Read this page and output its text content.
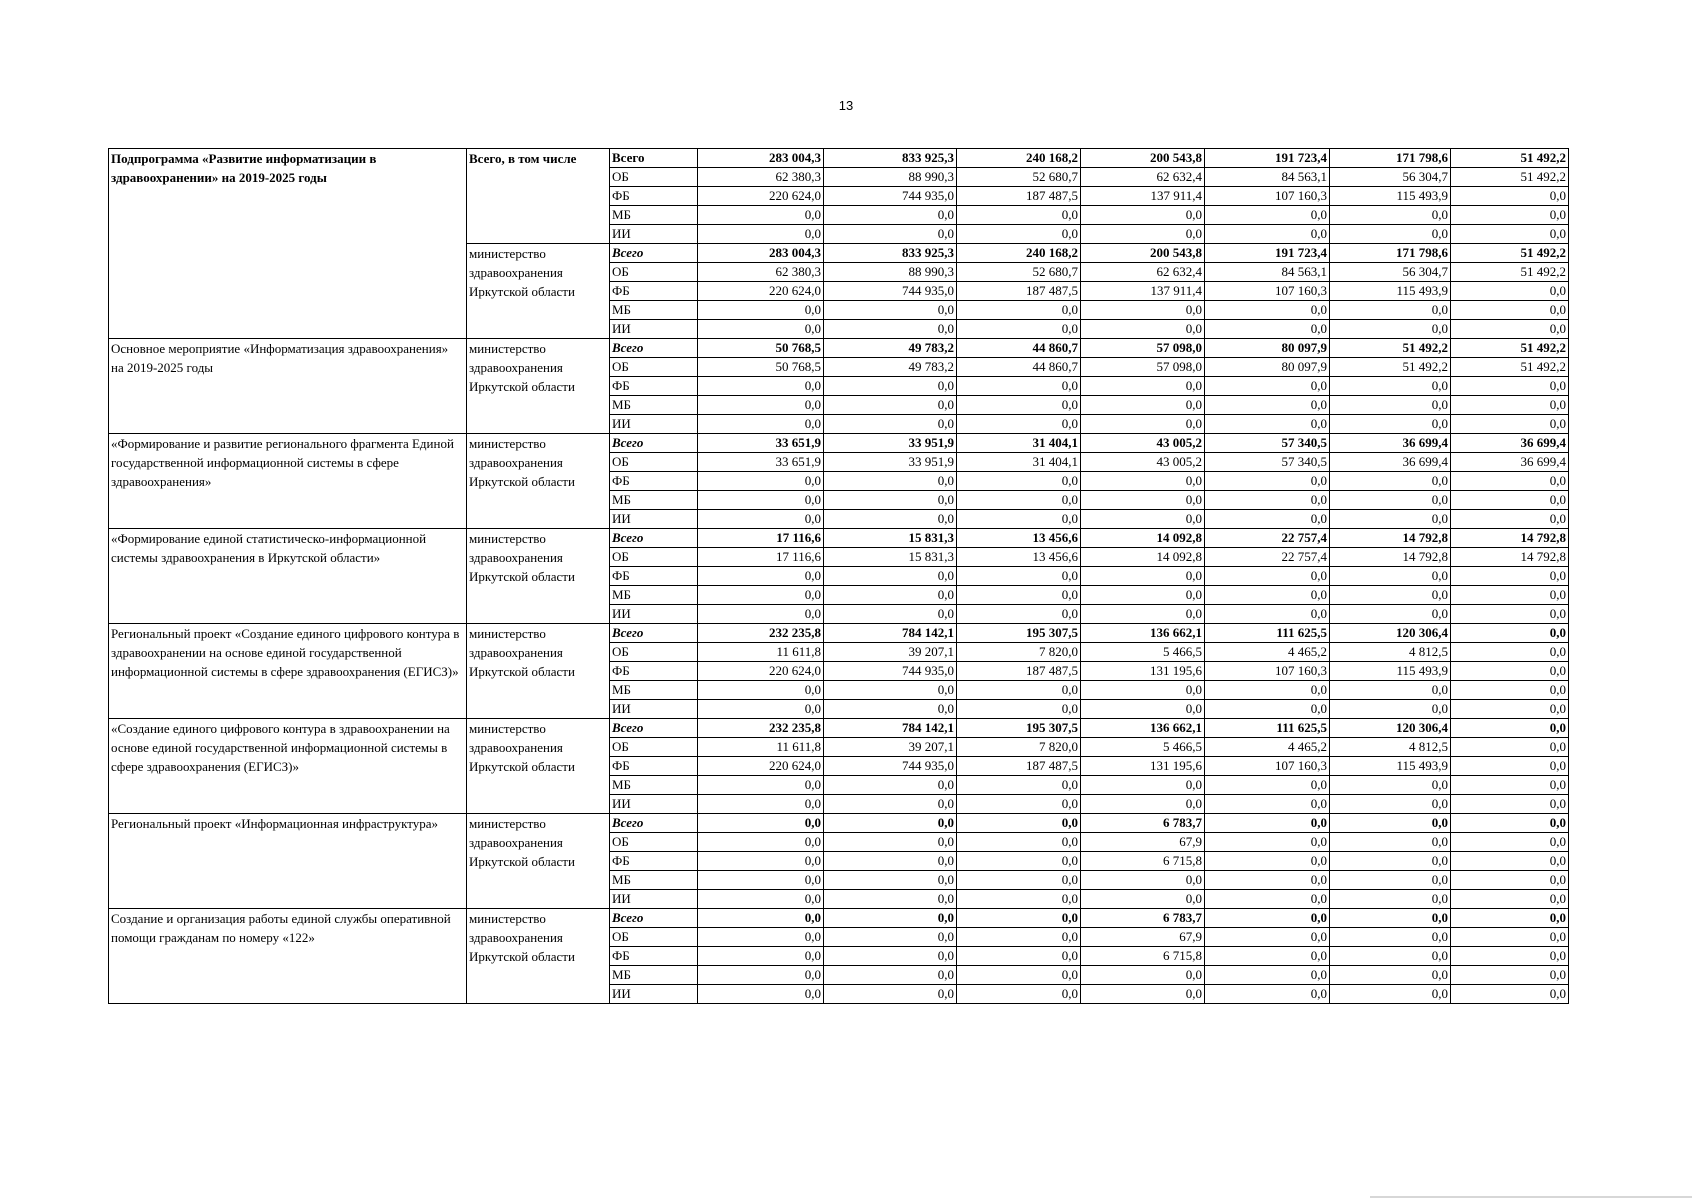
13
Подпрограмма «Развитие информатизации в здравоохранении» на 2019-2025 годы	Всего, в том числе	Всего	283 004,3	833 925,3	240 168,2	200 543,8	191 723,4	171 798,6	51 492,2
		ОБ	62 380,3	88 990,3	52 680,7	62 632,4	84 563,1	56 304,7	51 492,2
		ФБ	220 624,0	744 935,0	187 487,5	137 911,4	107 160,3	115 493,9	0,0
		МБ	0,0	0,0	0,0	0,0	0,0	0,0	0,0
		ИИ	0,0	0,0	0,0	0,0	0,0	0,0	0,0
	министерство здравоохранения Иркутской области	Всего	283 004,3	833 925,3	240 168,2	200 543,8	191 723,4	171 798,6	51 492,2
		ОБ	62 380,3	88 990,3	52 680,7	62 632,4	84 563,1	56 304,7	51 492,2
		ФБ	220 624,0	744 935,0	187 487,5	137 911,4	107 160,3	115 493,9	0,0
		МБ	0,0	0,0	0,0	0,0	0,0	0,0	0,0
		ИИ	0,0	0,0	0,0	0,0	0,0	0,0	0,0
Основное мероприятие «Информатизация здравоохранения» на 2019-2025 годы	министерство здравоохранения Иркутской области	Всего	50 768,5	49 783,2	44 860,7	57 098,0	80 097,9	51 492,2	51 492,2
		ОБ	50 768,5	49 783,2	44 860,7	57 098,0	80 097,9	51 492,2	51 492,2
		ФБ	0,0	0,0	0,0	0,0	0,0	0,0	0,0
		МБ	0,0	0,0	0,0	0,0	0,0	0,0	0,0
		ИИ	0,0	0,0	0,0	0,0	0,0	0,0	0,0
«Формирование и развитие регионального фрагмента Единой государственной информационной системы в сфере здравоохранения»	министерство здравоохранения Иркутской области	Всего	33 651,9	33 951,9	31 404,1	43 005,2	57 340,5	36 699,4	36 699,4
		ОБ	33 651,9	33 951,9	31 404,1	43 005,2	57 340,5	36 699,4	36 699,4
		ФБ	0,0	0,0	0,0	0,0	0,0	0,0	0,0
		МБ	0,0	0,0	0,0	0,0	0,0	0,0	0,0
		ИИ	0,0	0,0	0,0	0,0	0,0	0,0	0,0
«Формирование единой статистическо-информационной системы здравоохранения в Иркутской области»	министерство здравоохранения Иркутской области	Всего	17 116,6	15 831,3	13 456,6	14 092,8	22 757,4	14 792,8	14 792,8
		ОБ	17 116,6	15 831,3	13 456,6	14 092,8	22 757,4	14 792,8	14 792,8
		ФБ	0,0	0,0	0,0	0,0	0,0	0,0	0,0
		МБ	0,0	0,0	0,0	0,0	0,0	0,0	0,0
		ИИ	0,0	0,0	0,0	0,0	0,0	0,0	0,0
Региональный проект «Создание единого цифрового контура в здравоохранении на основе единой государственной информационной системы в сфере здравоохранения (ЕГИСЗ)»	министерство здравоохранения Иркутской области	Всего	232 235,8	784 142,1	195 307,5	136 662,1	111 625,5	120 306,4	0,0
		ОБ	11 611,8	39 207,1	7 820,0	5 466,5	4 465,2	4 812,5	0,0
		ФБ	220 624,0	744 935,0	187 487,5	131 195,6	107 160,3	115 493,9	0,0
		МБ	0,0	0,0	0,0	0,0	0,0	0,0	0,0
		ИИ	0,0	0,0	0,0	0,0	0,0	0,0	0,0
«Создание единого цифрового контура в здравоохранении на основе единой государственной информационной системы в сфере здравоохранения (ЕГИСЗ)»	министерство здравоохранения Иркутской области	Всего	232 235,8	784 142,1	195 307,5	136 662,1	111 625,5	120 306,4	0,0
		ОБ	11 611,8	39 207,1	7 820,0	5 466,5	4 465,2	4 812,5	0,0
		ФБ	220 624,0	744 935,0	187 487,5	131 195,6	107 160,3	115 493,9	0,0
		МБ	0,0	0,0	0,0	0,0	0,0	0,0	0,0
		ИИ	0,0	0,0	0,0	0,0	0,0	0,0	0,0
Региональный проект «Информационная инфраструктура»	министерство здравоохранения Иркутской области	Всего	0,0	0,0	0,0	6 783,7	0,0	0,0	0,0
		ОБ	0,0	0,0	0,0	67,9	0,0	0,0	0,0
		ФБ	0,0	0,0	0,0	6 715,8	0,0	0,0	0,0
		МБ	0,0	0,0	0,0	0,0	0,0	0,0	0,0
		ИИ	0,0	0,0	0,0	0,0	0,0	0,0	0,0
Создание и организация работы единой службы оперативной помощи гражданам по номеру «122»	министерство здравоохранения Иркутской области	Всего	0,0	0,0	0,0	6 783,7	0,0	0,0	0,0
		ОБ	0,0	0,0	0,0	67,9	0,0	0,0	0,0
		ФБ	0,0	0,0	0,0	6 715,8	0,0	0,0	0,0
		МБ	0,0	0,0	0,0	0,0	0,0	0,0	0,0
		ИИ	0,0	0,0	0,0	0,0	0,0	0,0	0,0
